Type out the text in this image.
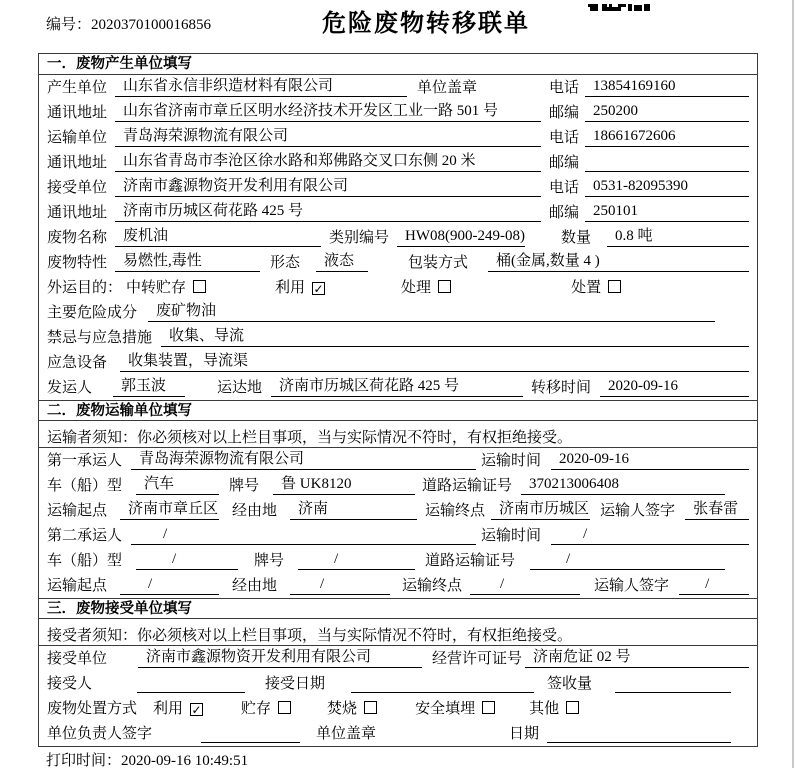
编号：2020370100016856	危险废物转移联单
一．废物产生单位填写
产生单位	山东省永信非织造材料有限公司	单位盖章	电话 13854169160
通讯地址	山东省济南市章丘区明水经济技术开发区工业一路 501 号	邮编 250200
运输单位	青岛海荣源物流有限公司	电话 18661672606
通讯地址	山东省青岛市李沧区徐水路和郑佛路交叉口东侧 20 米	邮编
接受单位	济南市鑫源物资开发利用有限公司	电话 0531-82095390
通讯地址	济南市历城区荷花路 425 号	邮编 250101
废物名称	废机油	类别编号	HW08(900-249-08) 数量	0.8 吨
废物特性	易燃性,毒性	形态	液态	包装方式	桶(金属,数量 4 )
外运目的： 中转贮存	利用 ✓	处理	处置
主要危险成分	废矿物油
禁忌与应急措施	收集、导流
应急设备	收集装置，导流渠
发运人	郭玉波	运达地	济南市历城区荷花路 425 号	转移时间	2020-09-16
二．废物运输单位填写
运输者须知：你必须核对以上栏目事项，当与实际情况不符时，有权拒绝接受。
第一承运人	青岛海荣源物流有限公司	运输时间	2020-09-16
车（船）型	汽车	牌号	鲁 UK8120	道路运输证号	370213006408
运输起点	济南市章丘区 经由地	济南	运输终点 济南市历城区 运输人签字	张春雷
第二承运人	/	运输时间	/
车（船）型	/	牌号	/	道路运输证号	/
运输起点	/	经由地	/	运输终点	/	运输人签字	/
三．废物接受单位填写
接受者须知：你必须核对以上栏目事项，当与实际情况不符时，有权拒绝接受。
接受单位	济南市鑫源物资开发利用有限公司	经营许可证号 济南危证 02 号
接受人	接受日期	签收量
废物处置方式 利用 ✓	贮存	焚烧	安全填埋	其他
单位负责人签字	单位盖章	日期
打印时间：2020-09-16 10:49:51
